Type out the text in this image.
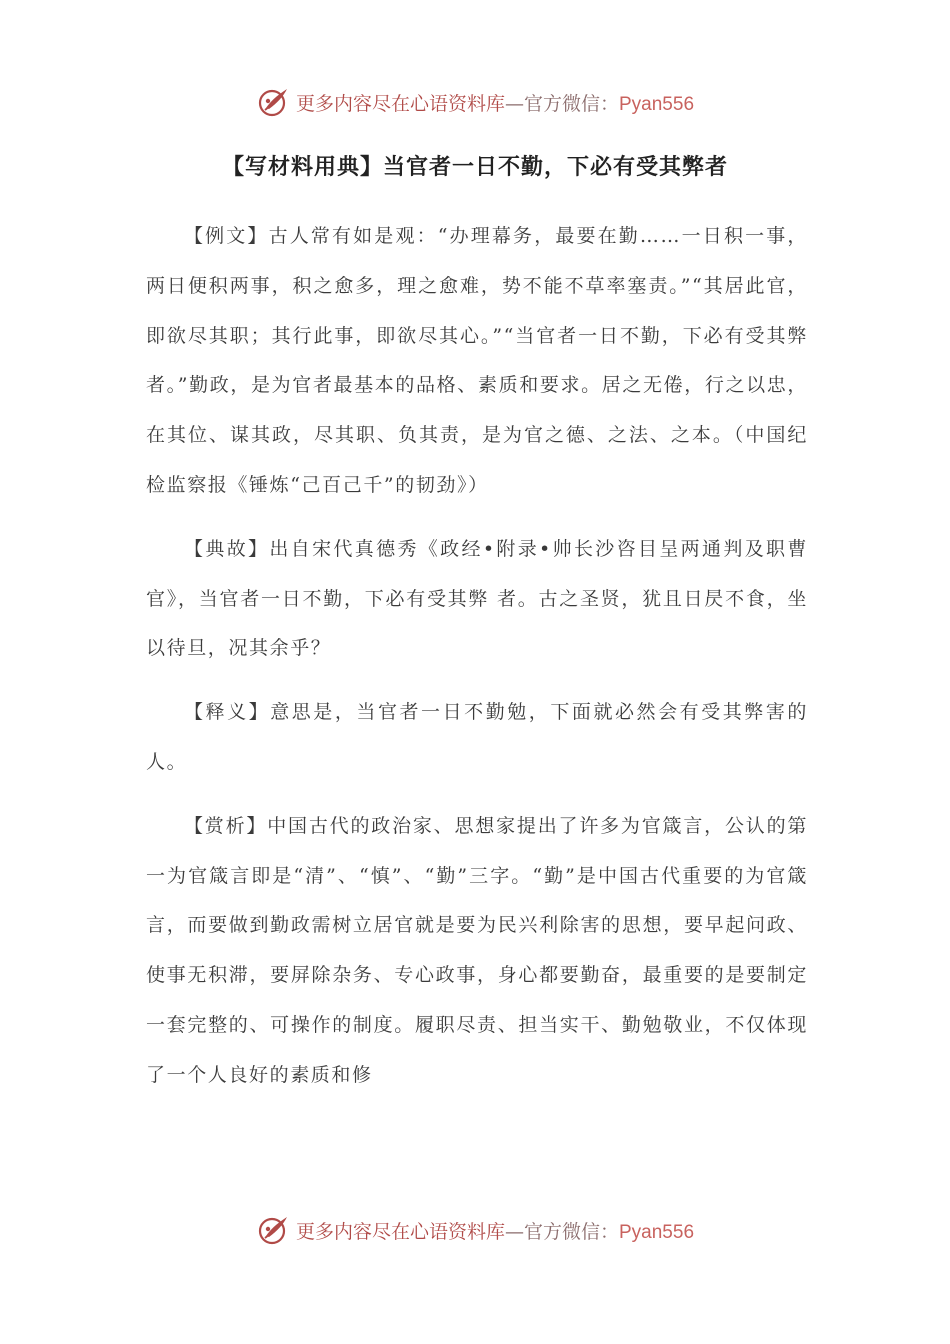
更多内容尽在心语资料库—官方微信：Pyan556
【写材料用典】当官者一日不勤，下必有受其弊者

【例文】古人常有如是观：“办理幕务，最要在勤……一日积一事，两日便积两事，积之愈多，理之愈难，势不能不草率塞责。”“其居此官，即欲尽其职；其行此事，即欲尽其心。”“当官者一日不勤，下必有受其弊者。”勤政，是为官者最基本的品格、素质和要求。居之无倦，行之以忠，在其位、谋其政，尽其职、负其责，是为官之德、之法、之本。（中国纪检监察报《锤炼“己百己千”的韧劲》）

【典故】出自宋代真德秀《政经•附录•帅长沙咨目呈两通判及职曹官》，当官者一日不勤，下必有受其弊 者。古之圣贤，犹且日昃不食，坐以待旦，况其余乎？

【释义】意思是，当官者一日不勤勉，下面就必然会有受其弊害的人。

【赏析】中国古代的政治家、思想家提出了许多为官箴言，公认的第一为官箴言即是“清”、“慎”、“勤”三字。“勤”是中国古代重要的为官箴言，而要做到勤政需树立居官就是要为民兴利除害的思想，要早起问政、使事无积滞，要屏除杂务、专心政事，身心都要勤奋，最重要的是要制定一套完整的、可操作的制度。履职尽责、担当实干、勤勉敬业，不仅体现了一个人良好的素质和修

更多内容尽在心语资料库—官方微信：Pyan556
